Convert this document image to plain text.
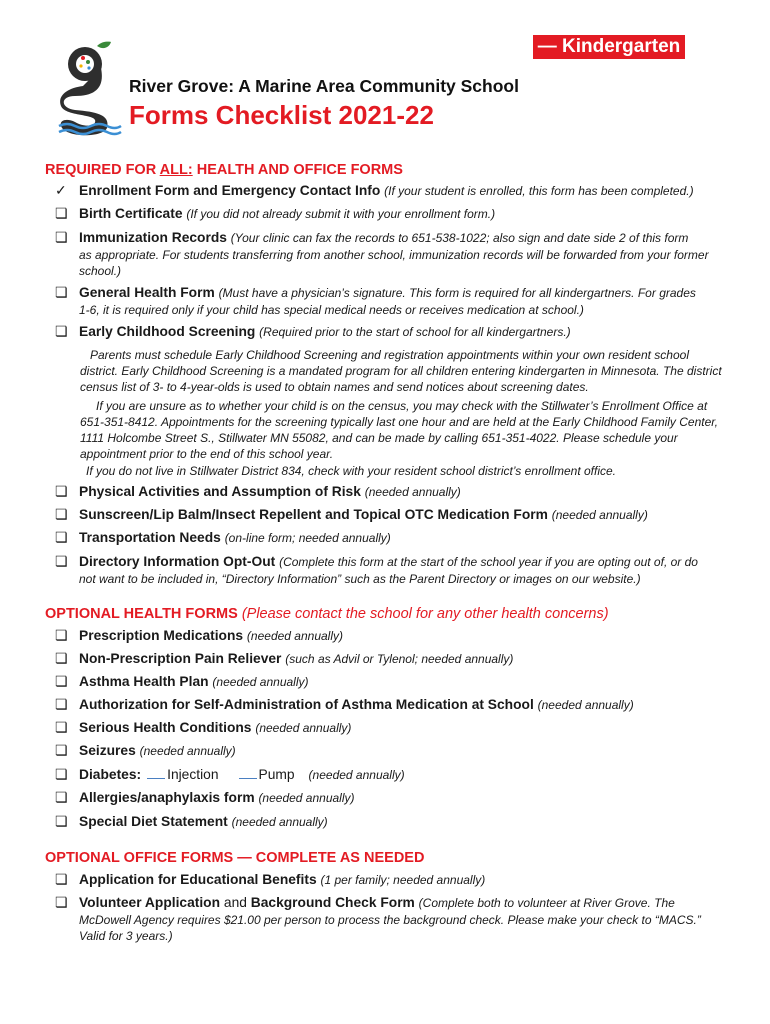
— Kindergarten —
River Grove: A Marine Area Community School
Forms Checklist 2021-22
REQUIRED FOR ALL: HEALTH AND OFFICE FORMS
✓ Enrollment Form and Emergency Contact Info (If your student is enrolled, this form has been completed.)
❏ Birth Certificate (If you did not already submit it with your enrollment form.)
❏ Immunization Records (Your clinic can fax the records to 651-538-1022; also sign and date side 2 of this form
as appropriate. For students transferring from another school, immunization records will be forwarded from your former school.)
❏ General Health Form (Must have a physician’s signature. This form is required for all kindergartners. For grades
1-6, it is required only if your child has special medical needs or receives medication at school.)
❏ Early Childhood Screening (Required prior to the start of school for all kindergartners.)
Parents must schedule Early Childhood Screening and registration appointments within your own resident school district. Early Childhood Screening is a mandated program for all children entering kindergarten in Minnesota. The district census list of 3- to 4-year-olds is used to obtain names and send notices about screening dates.
If you are unsure as to whether your child is on the census, you may check with the Stillwater’s Enrollment Office at 651-351-8412. Appointments for the screening typically last one hour and are held at the Early Childhood Family Center, 1111 Holcombe Street S., Stillwater MN 55082, and can be made by calling 651-351-4022. Please schedule your appointment prior to the end of this school year.
If you do not live in Stillwater District 834, check with your resident school district’s enrollment office.
❏ Physical Activities and Assumption of Risk (needed annually)
❏ Sunscreen/Lip Balm/Insect Repellent and Topical OTC Medication Form (needed annually)
❏ Transportation Needs (on-line form; needed annually)
❏ Directory Information Opt-Out (Complete this form at the start of the school year if you are opting out of, or do
not want to be included in, “Directory Information” such as the Parent Directory or images on our website.)
OPTIONAL HEALTH FORMS (Please contact the school for any other health concerns)
❏ Prescription Medications (needed annually)
❏ Non-Prescription Pain Reliever (such as Advil or Tylenol; needed annually)
❏ Asthma Health Plan (needed annually)
❏ Authorization for Self-Administration of Asthma Medication at School (needed annually)
❏ Serious Health Conditions (needed annually)
❏ Seizures (needed annually)
❏ Diabetes: Injection	Pump (needed annually)
❏ Allergies/anaphylaxis form (needed annually)
❏ Special Diet Statement (needed annually)
OPTIONAL OFFICE FORMS — COMPLETE AS NEEDED
❏ Application for Educational Benefits (1 per family; needed annually)
❏ Volunteer Application and Background Check Form (Complete both to volunteer at River Grove. The
McDowell Agency requires $21.00 per person to process the background check. Please make your check to “MACS.” Valid for 3 years.)
